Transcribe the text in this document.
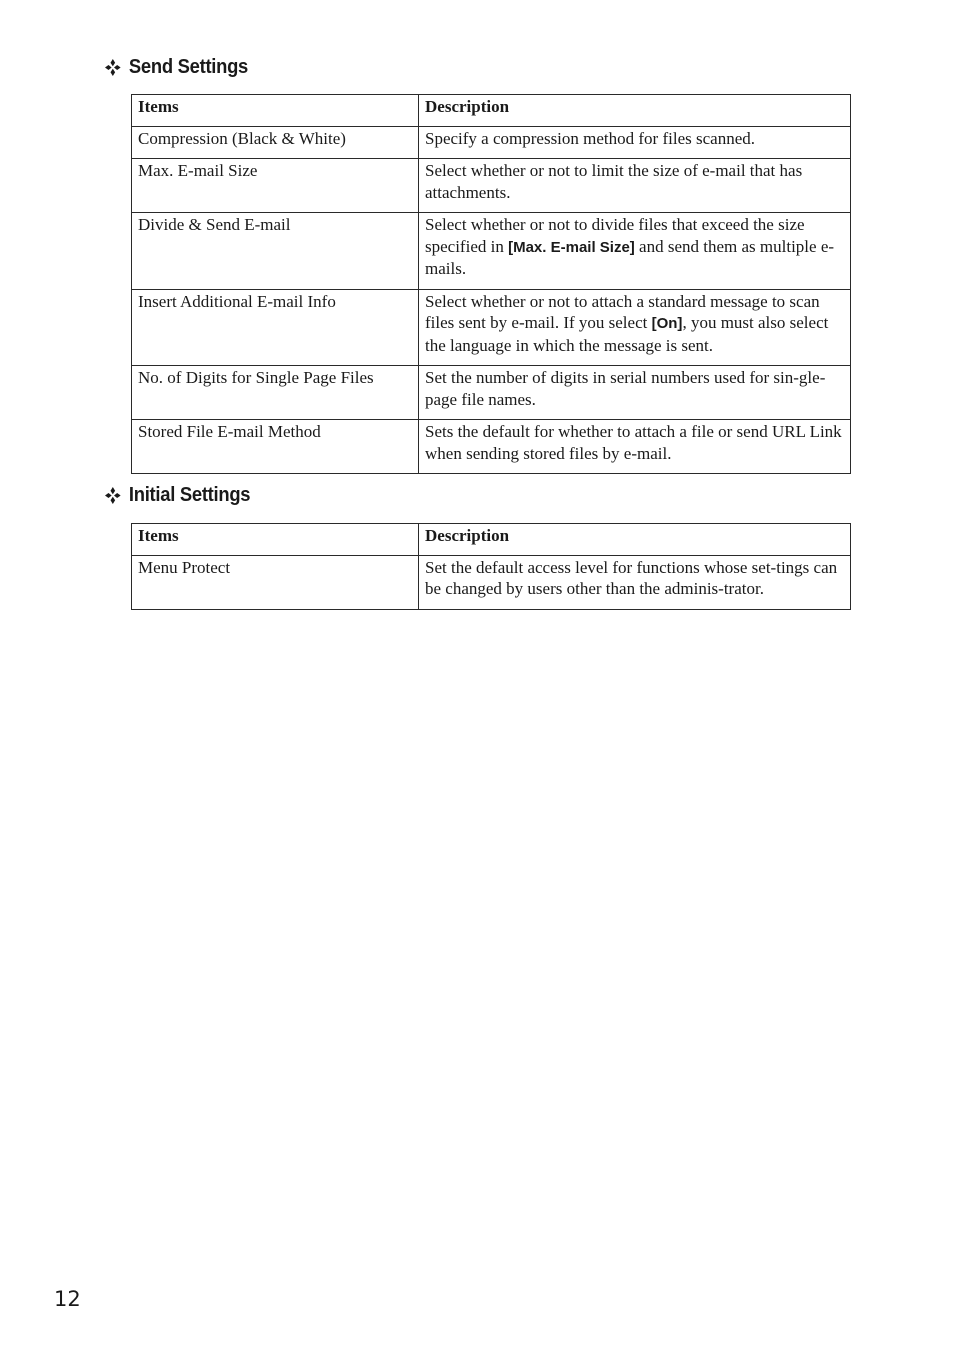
Send Settings
Items	Description
Compression (Black & White)	Specify a compression method for files scanned.
Max. E-mail Size	Select whether or not to limit the size of e-mail that has attachments.
Divide & Send E-mail	Select whether or not to divide files that exceed the size specified in [Max. E-mail Size] and send them as multiple e-mails.
Insert Additional E-mail Info	Select whether or not to attach a standard message to scan files sent by e-mail. If you select [On], you must also select the language in which the message is sent.
No. of Digits for Single Page Files	Set the number of digits in serial numbers used for sin-gle-page file names.
Stored File E-mail Method	Sets the default for whether to attach a file or send URL Link when sending stored files by e-mail.
Initial Settings
Items	Description
Menu Protect	Set the default access level for functions whose set-tings can be changed by users other than the adminis-trator.
12
